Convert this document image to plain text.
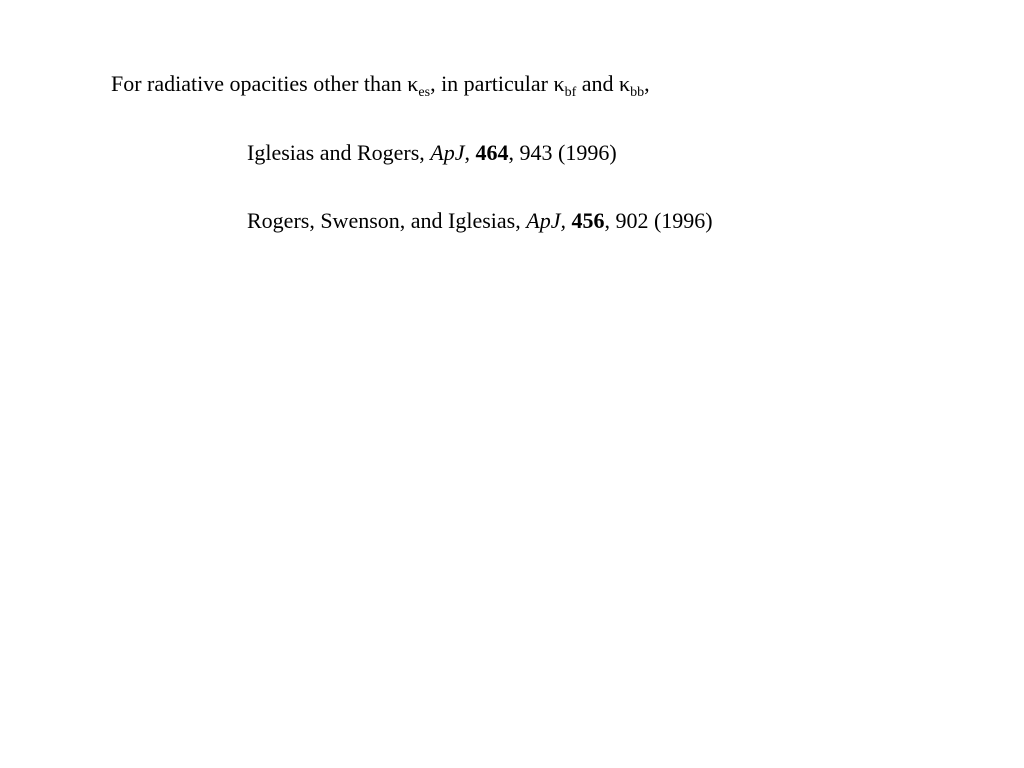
For radiative opacities other than $\kappa_{es}$, in particular $\kappa_{bf}$ and $\kappa_{bb}$,
Iglesias and Rogers, ApJ, 464, 943 (1996)
Rogers, Swenson, and Iglesias, ApJ, 456, 902 (1996)
